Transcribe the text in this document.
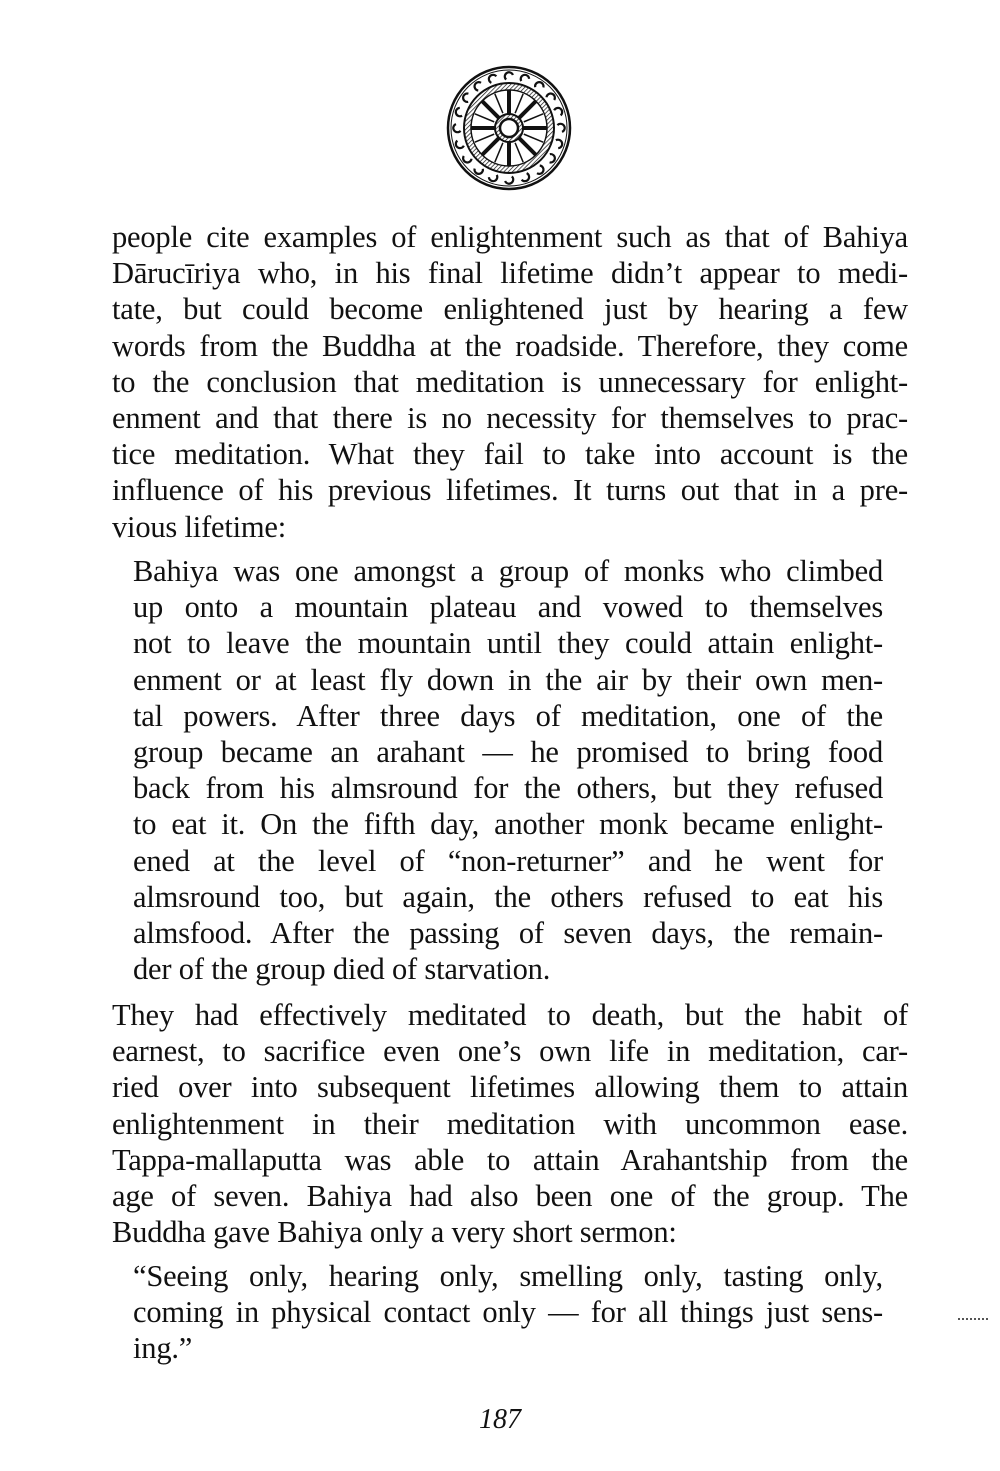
people cite examples of enlightenment such as that of Bahiya
Dārucīriya who, in his final lifetime didn’t appear to medi-
tate, but could become enlightened just by hearing a few
words from the Buddha at the roadside. Therefore, they come
to the conclusion that meditation is unnecessary for enlight-
enment and that there is no necessity for themselves to prac-
tice meditation. What they fail to take into account is the
influence of his previous lifetimes. It turns out that in a pre-
vious lifetime:
Bahiya was one amongst a group of monks who climbed
up onto a mountain plateau and vowed to themselves
not to leave the mountain until they could attain enlight-
enment or at least fly down in the air by their own men-
tal powers. After three days of meditation, one of the
group became an arahant — he promised to bring food
back from his almsround for the others, but they refused
to eat it. On the fifth day, another monk became enlight-
ened at the level of “non-returner” and he went for
almsround too, but again, the others refused to eat his
almsfood. After the passing of seven days, the remain-
der of the group died of starvation.
They had effectively meditated to death, but the habit of
earnest, to sacrifice even one’s own life in meditation, car-
ried over into subsequent lifetimes allowing them to attain
enlightenment in their meditation with uncommon ease.
Tappa-mallaputta was able to attain Arahantship from the
age of seven. Bahiya had also been one of the group. The
Buddha gave Bahiya only a very short sermon:
“Seeing only, hearing only, smelling only, tasting only,
coming in physical contact only — for all things just sens-
ing.”
187
